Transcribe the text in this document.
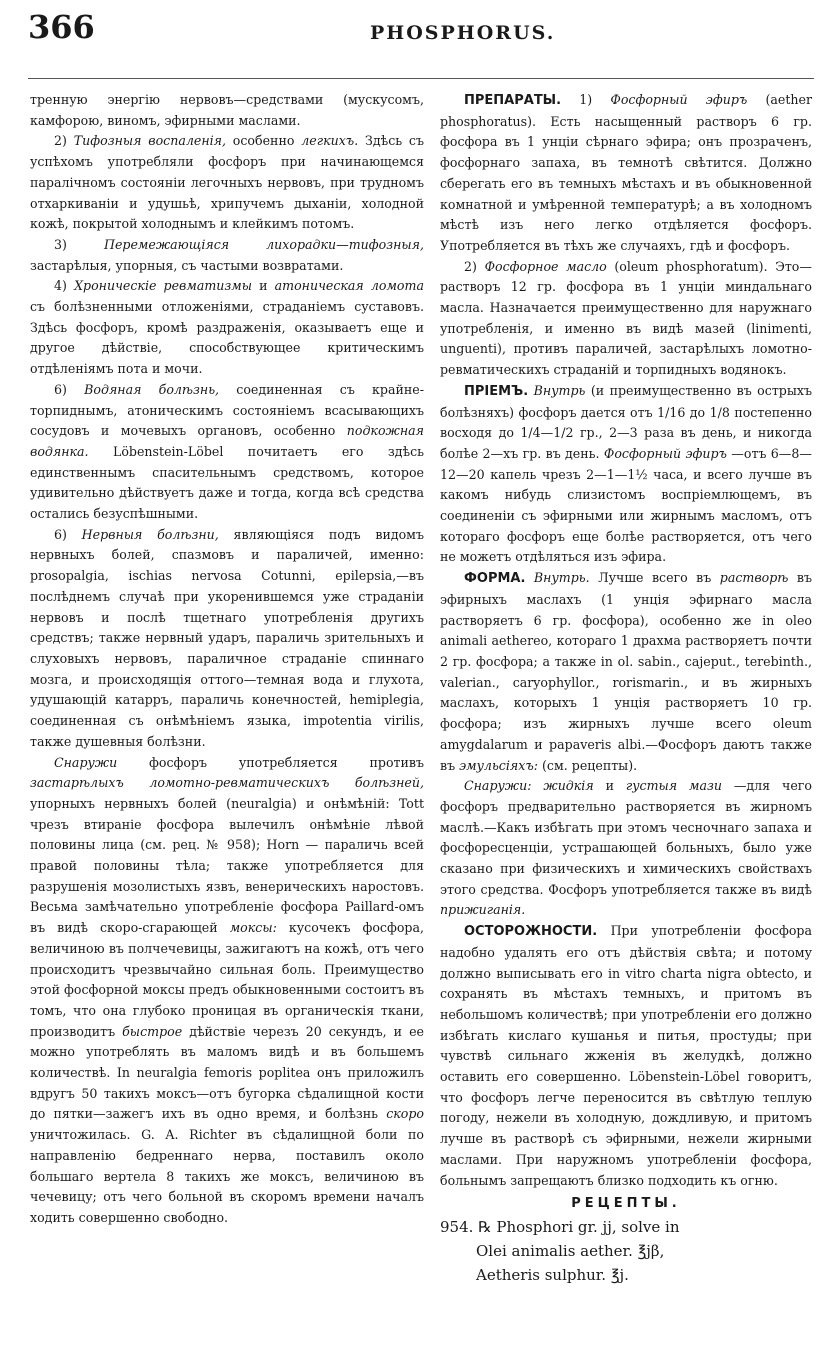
366	PHOSPHORUS.

тренную энергію нервовъ—средствами (мускусомъ, камфорою, виномъ, эфирными маслами.

2) Тифозныя воспаленія, особенно легкихъ. Здѣсь съ успѣхомъ употребляли фосфоръ при начинающемся паралічномъ состояніи легочныхъ нервовъ, при трудномъ отхаркиваніи и удушьѣ, хрипучемъ дыханіи, холодной кожѣ, покрытой холоднымъ и клейкимъ потомъ.

3)	Перемежающіяся лихорадки—тифозныя, застарѣлыя, упорныя, съ частыми возвратами.

4) Хроническіе ревматизмы и атоническая ломота съ болѣзненными отложеніями, страданіемъ суставовъ. Здѣсь фосфоръ, кромѣ раздраженія, оказываетъ еще и другое дѣйствіе, способствующее критическимъ отдѣленіямъ пота и мочи.

6) Водяная болѣзнь, соединенная съ крайне-торпиднымъ, атоническимъ состояніемъ всасывающихъ сосудовъ и мочевыхъ органовъ, особенно подкожная водянка. Löbenstein-Löbel почитаетъ его здѣсь единственнымъ спасительнымъ средствомъ, которое удивительно дѣйствуетъ даже и тогда, когда всѣ средства остались безуспѣшными.

6) Нервныя болѣзни, являющіяся подъ видомъ нервныхъ болей, спазмовъ и параличей, именно: prosopalgia, ischias nervosa Cotunni, epilepsia,—въ послѣднемъ случаѣ при укоренившемся уже страданіи нервовъ и послѣ тщетнаго употребленія другихъ средствъ; также нервный ударъ, параличь зрительныхъ и слуховыхъ нервовъ, параличное страданіе спиннаго мозга, и происходящія оттого—темная вода и глухота, удушающій катарръ, параличь конечностей, hemiplegia, соединенная съ онѣмѣніемъ языка, impotentia virilis, также душевныя болѣзни.

Снаружи	фосфоръ употребляется противъ застарѣлыхъ ломотно-ревматическихъ болѣзней, упорныхъ нервныхъ болей (neuralgia) и онѣмѣній: Tott чрезъ втираніе фосфора вылечилъ онѣмѣніе лѣвой половины лица (см. рец. № 958); Horn — параличь всей правой половины тѣла; также употребляется для разрушенія мозолистыхъ язвъ, венерическихъ наростовъ. Весьма замѣчательно употребленіе фосфора Paillard-омъ въ видѣ скоро-сгарающей моксы: кусочекъ фосфора, величиною въ полчечевицы, зажигаютъ на кожѣ, отъ чего происходитъ чрезвычайно сильная боль. Преимущество этой фосфорной моксы предъ обыкновенными состоитъ въ томъ, что она глубоко проницая въ органическія ткани, производитъ быстрое дѣйствіе черезъ 20 секундъ, и ее можно употреблять въ маломъ видѣ и въ большемъ количествѣ. In neuralgia femoris poplitea онъ приложилъ вдругъ 50 такихъ моксъ—отъ бугорка сѣдалищной кости до пятки—зажегъ ихъ въ одно время, и болѣзнь скоро уничтожилась. G. A. Richter въ сѣдалищной боли по направленію бедреннаго нерва, поставилъ около большаго вертела 8 такихъ же моксъ, величиною въ чечевицу; отъ чего больной въ скоромъ времени началъ ходить совершенно свободно.

ПРЕПАРАТЫ. 1) Фосфорный эфиръ (aether phosphoratus). Есть насыщенный растворъ 6 гр. фосфора въ 1 унціи сѣрнаго эфира; онъ прозраченъ, фосфорнаго запаха, въ темнотѣ свѣтится. Должно сберегать его въ темныхъ мѣстахъ и въ обыкновенной комнатной и умѣренной температурѣ; а въ холодномъ мѣстѣ изъ него легко отдѣляется фосфоръ. Употребляется въ тѣхъ же случаяхъ, гдѣ и фосфоръ.

2) Фосфорное масло (oleum phosphoratum). Это—растворъ 12 гр. фосфора въ 1 унціи миндальнаго масла. Назначается преимущественно для наружнаго употребленія, и именно въ видѣ мазей (linimenti, unguenti), противъ параличей, застарѣлыхъ ломотно-ревматическихъ страданій и торпидныхъ водянокъ.

ПРІЕМЪ. Внутрь (и преимущественно въ острыхъ болѣзняхъ) фосфоръ дается отъ 1/16 до 1/8 постепенно восходя до 1/4—1/2 гр., 2—3 раза въ день, и никогда болѣе 2—хъ гр. въ день. Фосфорный эфиръ —отъ 6—8—12—20 капель чрезъ 2—1—1½ часа, и всего лучше въ какомъ нибудь слизистомъ воспріемлющемъ, въ соединеніи съ эфирными или жирнымъ масломъ, отъ котораго фосфоръ еще болѣе растворяется, отъ чего не можетъ отдѣляться изъ эфира.

ФОРМА. Внутрь. Лучше всего въ растворѣ въ эфирныхъ маслахъ (1 унція эфирнаго масла растворяетъ 6 гр. фосфора), особенно же in oleo animali aethereo, котораго 1 драхма растворяетъ почти 2 гр. фосфора; а также in ol. sabin., cajeput., terebinth., valerian., caryophyllor., rorismarin., и въ жирныхъ маслахъ, которыхъ 1 унція растворяетъ 10 гр. фосфора; изъ жирныхъ лучше всего oleum amygdalarum и papaveris albi.—Фосфоръ даютъ также въ эмульсіяхъ: (см. рецепты).

Снаружи: жидкія и густыя мази —для чего фосфоръ предварительно растворяется въ жирномъ маслѣ.—Какъ избѣгать при этомъ чесночнаго запаха и фосфоресценціи, устрашающей больныхъ, было уже сказано при физическихъ и химическихъ свойствахъ этого средства. Фосфоръ употребляется также въ видѣ прижиганія.

ОСТОРОЖНОСТИ. При употребленіи фосфора надобно удалять его отъ дѣйствія свѣта; и потому должно выписывать его in vitro charta nigra obtecto, и сохранять въ мѣстахъ темныхъ, и притомъ въ небольшомъ количествѣ; при употребленіи его должно избѣгать кислаго кушанья и питья, простуды; при чувствѣ сильнаго жженія въ желудкѣ, должно оставить его совершенно. Löbenstein-Löbel говоритъ, что фосфоръ легче переносится въ свѣтлую теплую погоду, нежели въ холодную, дождливую, и притомъ лучше въ растворѣ съ эфирными, нежели жирными маслами. При наружномъ употребленіи фосфора, больнымъ запрещаютъ близко подходить къ огню.

РЕЦЕПТЫ.

954. ℞ Phosphori gr. jj, solve in
Olei animalis aether. ℥jβ,
Aetheris sulphur. ℥j.
